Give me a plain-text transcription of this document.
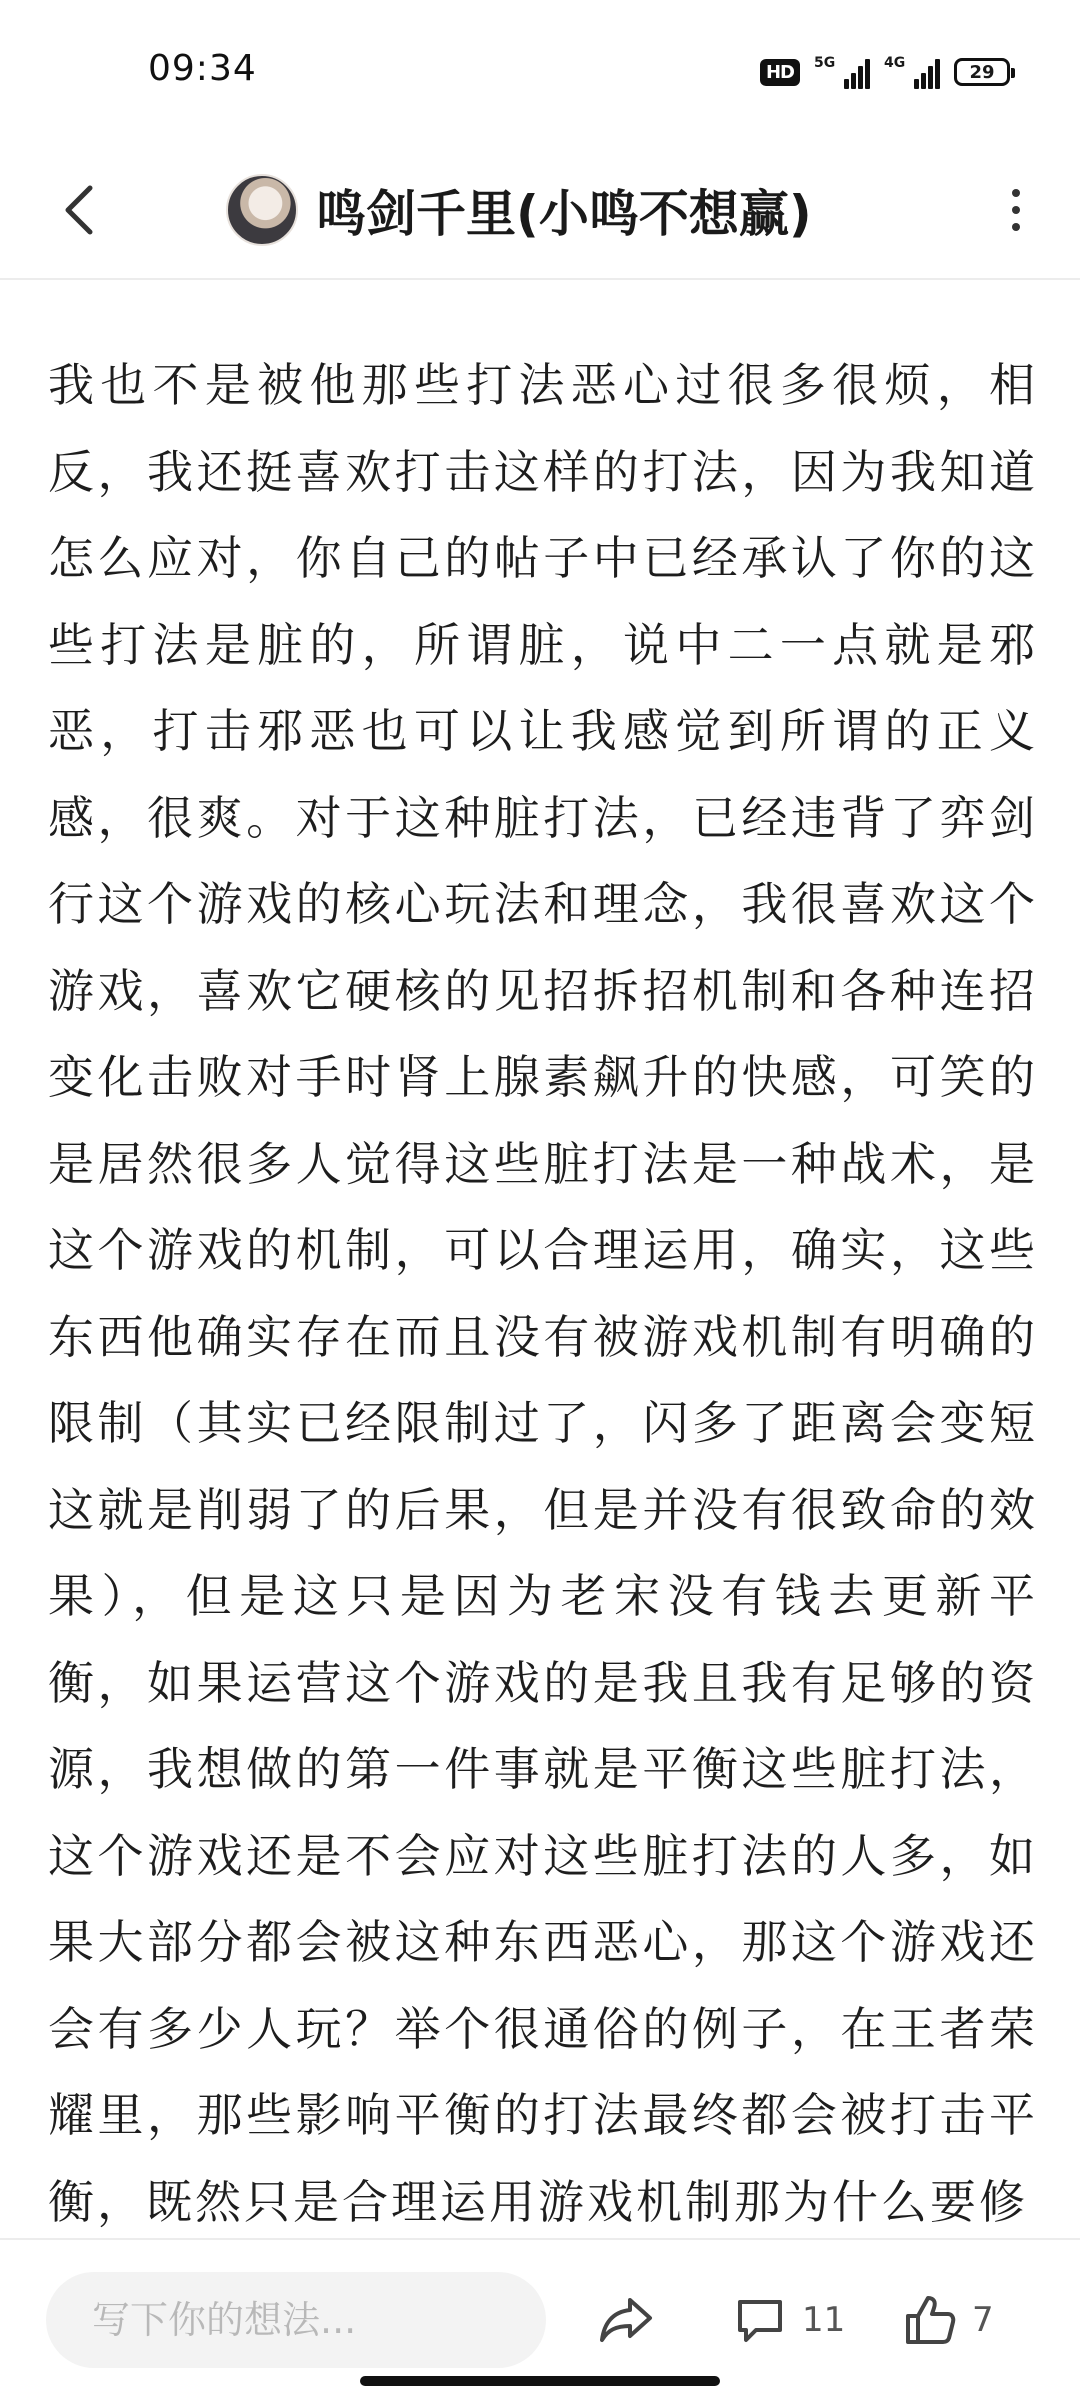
09:34	HD	5G	4G	29
鸣剑千里(小鸣不想赢)

我也不是被他那些打法恶心过很多很烦，相反，我还挺喜欢打击这样的打法，因为我知道怎么应对，你自己的帖子中已经承认了你的这些打法是脏的，所谓脏，说中二一点就是邪恶，打击邪恶也可以让我感觉到所谓的正义感，很爽。对于这种脏打法，已经违背了弈剑行这个游戏的核心玩法和理念，我很喜欢这个游戏，喜欢它硬核的见招拆招机制和各种连招变化击败对手时肾上腺素飙升的快感，可笑的是居然很多人觉得这些脏打法是一种战术，是这个游戏的机制，可以合理运用，确实，这些东西他确实存在而且没有被游戏机制有明确的限制（其实已经限制过了，闪多了距离会变短这就是削弱了的后果，但是并没有很致命的效果），但是这只是因为老宋没有钱去更新平衡，如果运营这个游戏的是我且我有足够的资源，我想做的第一件事就是平衡这些脏打法，这个游戏还是不会应对这些脏打法的人多，如果大部分都会被这种东西恶心，那这个游戏还会有多少人玩？举个很通俗的例子，在王者荣耀里，那些影响平衡的打法最终都会被打击平衡，既然只是合理运用游戏机制那为什么要修

写下你的想法...
11	7
